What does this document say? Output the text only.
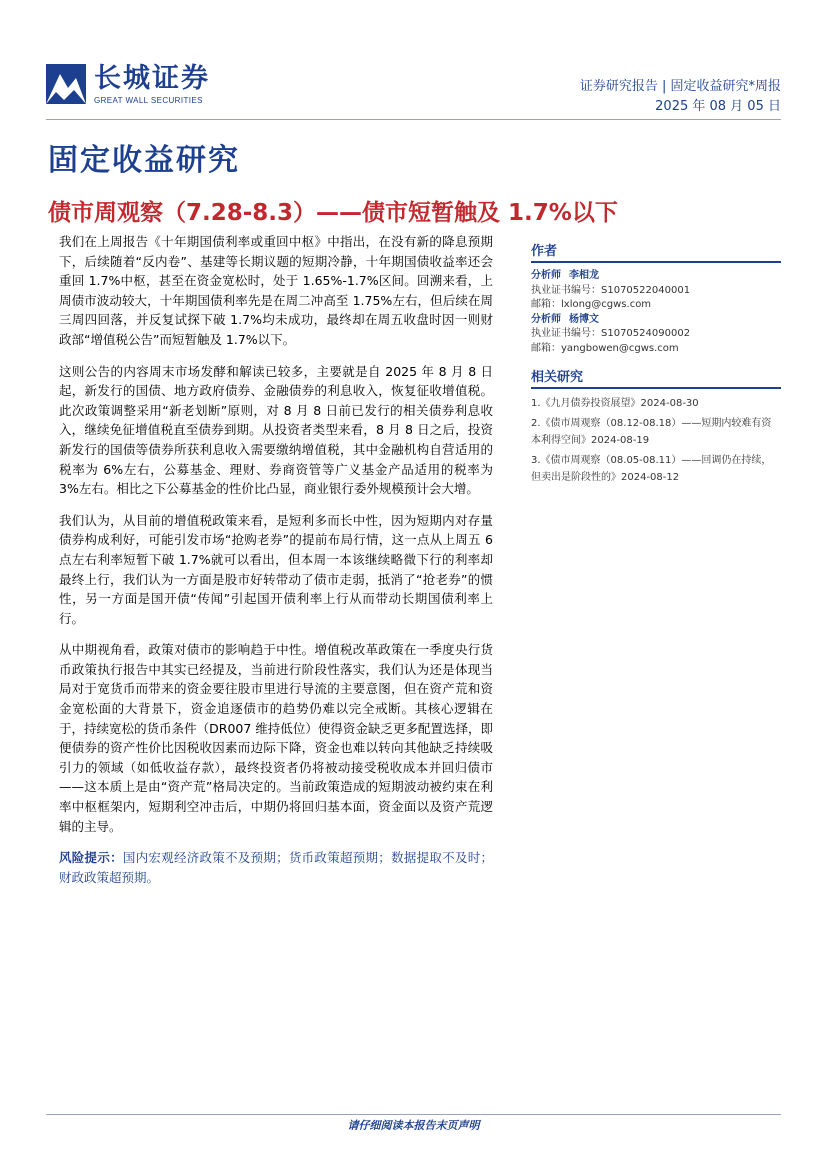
长城证券
GREAT WALL SECURITIES
证券研究报告 | 固定收益研究*周报
2025 年 08 月 05 日
固定收益研究
债市周观察（7.28-8.3）——债市短暂触及 1.7%以下

我们在上周报告《十年期国债利率或重回中枢》中指出，在没有新的降息预期下，后续随着“反内卷”、基建等长期议题的短期冷静，十年期国债收益率还会重回 1.7%中枢，甚至在资金宽松时，处于 1.65%-1.7%区间。回溯来看，上周债市波动较大，十年期国债利率先是在周二冲高至 1.75%左右，但后续在周三周四回落，并反复试探下破 1.7%均未成功，最终却在周五收盘时因一则财政部“增值税公告”而短暂触及 1.7%以下。

这则公告的内容周末市场发酵和解读已较多，主要就是自 2025 年 8 月 8 日起，新发行的国债、地方政府债券、金融债券的利息收入，恢复征收增值税。此次政策调整采用“新老划断”原则，对 8 月 8 日前已发行的相关债券利息收入，继续免征增值税直至债券到期。从投资者类型来看，8 月 8 日之后，投资新发行的国债等债券所获利息收入需要缴纳增值税，其中金融机构自营适用的税率为 6%左右，公募基金、理财、券商资管等广义基金产品适用的税率为 3%左右。相比之下公募基金的性价比凸显，商业银行委外规模预计会大增。

我们认为，从目前的增值税政策来看，是短利多而长中性，因为短期内对存量债券构成利好，可能引发市场“抢购老券”的提前布局行情，这一点从上周五 6 点左右利率短暂下破 1.7%就可以看出，但本周一本该继续略微下行的利率却最终上行，我们认为一方面是股市好转带动了债市走弱，抵消了“抢老券”的惯性，另一方面是国开债“传闻”引起国开债利率上行从而带动长期国债利率上行。

从中期视角看，政策对债市的影响趋于中性。增值税改革政策在一季度央行货币政策执行报告中其实已经提及，当前进行阶段性落实，我们认为还是体现当局对于宽货币而带来的资金要往股市里进行导流的主要意图，但在资产荒和资金宽松面的大背景下，资金追逐债市的趋势仍难以完全戒断。其核心逻辑在于，持续宽松的货币条件（DR007 维持低位）使得资金缺乏更多配置选择，即便债券的资产性价比因税收因素而边际下降，资金也难以转向其他缺乏持续吸引力的领域（如低收益存款），最终投资者仍将被动接受税收成本并回归债市——这本质上是由“资产荒”格局决定的。当前政策造成的短期波动被约束在利率中枢框架内，短期利空冲击后，中期仍将回归基本面，资金面以及资产荒逻辑的主导。

风险提示：国内宏观经济政策不及预期；货币政策超预期；数据提取不及时；财政政策超预期。

作者
分析师 李相龙
执业证书编号：S1070522040001
邮箱：lxlong@cgws.com
分析师 杨博文
执业证书编号：S1070524090002
邮箱：yangbowen@cgws.com
相关研究
1.《九月债券投资展望》2024-08-30
2.《债市周观察（08.12-08.18）——短期内较难有资本利得空间》2024-08-19
3.《债市周观察（08.05-08.11）——回调仍在持续，但卖出是阶段性的》2024-08-12
请仔细阅读本报告末页声明
